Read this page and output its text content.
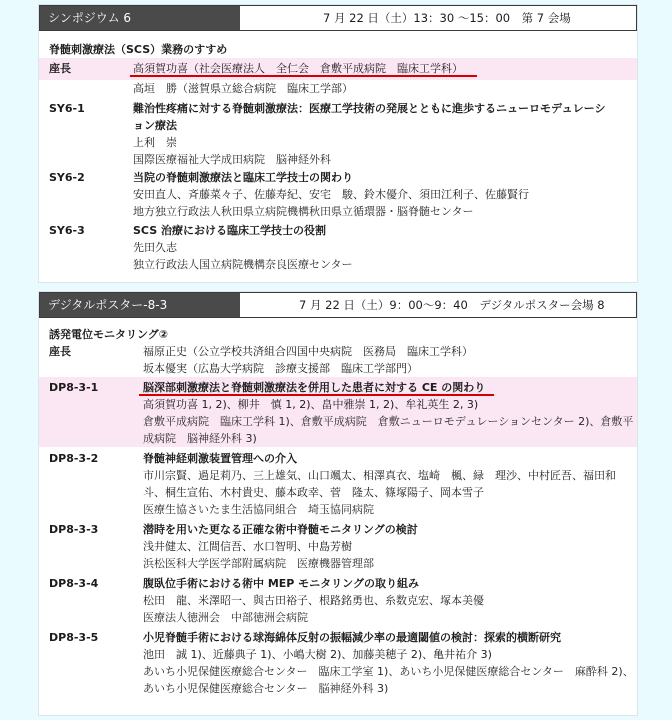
シンポジウム 6	7 月 22 日（土）13：30 〜15：00　第 7 会場
脊髄刺激療法（SCS）業務のすすめ
座長	高須賀功喜（社会医療法人　全仁会　倉敷平成病院　臨床工学科）
高垣　勝（滋賀県立総合病院　臨床工学部）
SY6-1	難治性疼痛に対する脊髄刺激療法：医療工学技術の発展とともに進歩するニューロモデュレーシ
ョン療法
上利　崇
国際医療福祉大学成田病院　脳神経外科
SY6-2	当院の脊髄刺激療法と臨床工学技士の関わり
安田直人、斉藤菜々子、佐藤寿紀、安宅　駿、鈴木優介、須田江利子、佐藤賢行
地方独立行政法人秋田県立病院機構秋田県立循環器・脳脊髄センター
SY6-3	SCS 治療における臨床工学技士の役割
先田久志
独立行政法人国立病院機構奈良医療センター
デジタルポスター-8-3	7 月 22 日（土）9：00〜9：40　デジタルポスター会場 8
誘発電位モニタリング②
座長	福原正史（公立学校共済組合四国中央病院　医務局　臨床工学科）
坂本優実（広島大学病院　診療支援部　臨床工学部門）
DP8-3-1	脳深部刺激療法と脊髄刺激療法を併用した患者に対する CE の関わり
高須賀功喜 1, 2)、柳井　慎 1, 2)、畠中雅崇 1, 2)、牟礼英生 2, 3)
倉敷平成病院　臨床工学科 1)、倉敷平成病院　倉敷ニューロモデュレーションセンター 2)、倉敷平
成病院　脳神経外科 3)
DP8-3-2	脊髄神経刺激装置管理への介入
市川宗賢、過足莉乃、三上雄気、山口颯太、相澤真衣、塩崎　楓、緑　理沙、中村匠吾、福田和
斗、桐生宣佑、木村貴史、藤本政幸、菅　隆太、篠塚陽子、岡本雪子
医療生協さいたま生活協同組合　埼玉協同病院
DP8-3-3	潜時を用いた更なる正確な術中脊髄モニタリングの検討
浅井健太、江間信吾、水口智明、中島芳樹
浜松医科大学医学部附属病院　医療機器管理部
DP8-3-4	腹臥位手術における術中 MEP モニタリングの取り組み
松田　龍、米澤昭一、與古田裕子、根路銘勇也、糸数克宏、塚本美優
医療法人徳洲会　中部徳洲会病院
DP8-3-5	小児脊髄手術における球海綿体反射の振幅減少率の最適閾値の検討：探索的横断研究
池田　誠 1)、近藤典子 1)、小嶋大樹 2)、加藤美穂子 2)、亀井祐介 3)
あいち小児保健医療総合センター　臨床工学室 1)、あいち小児保健医療総合センター　麻酔科 2)、
あいち小児保健医療総合センター　脳神経外科 3)
